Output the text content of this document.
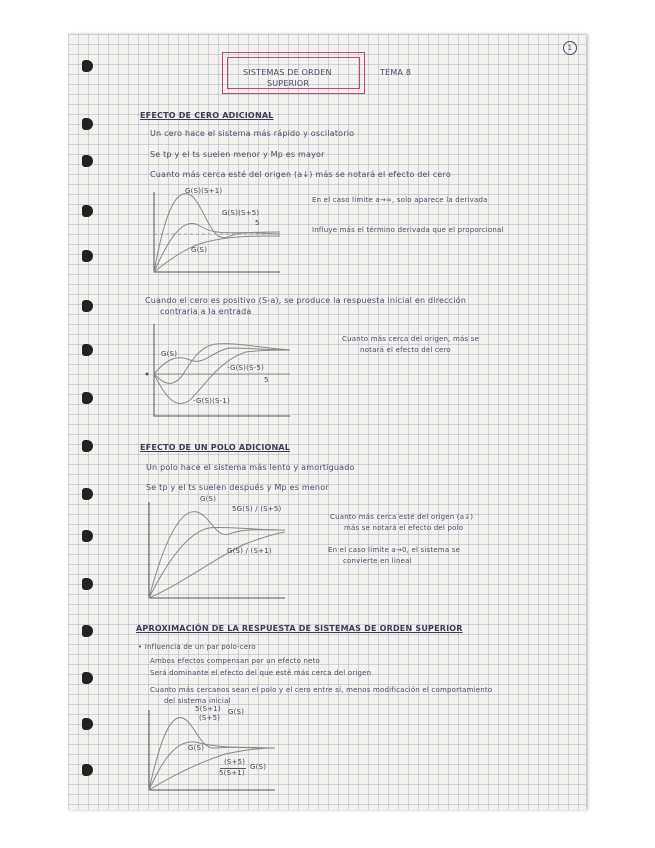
1

SISTEMAS DE ORDEN

SUPERIOR

TEMA 8

EFECTO DE CERO ADICIONAL

Un cero hace el sistema más rápido y oscilatorio

Se tp y el ts suelen menor y Mp es mayor

Cuanto más cerca esté del origen (a↓) más se notará el efecto del cero

G(S)(S+1)

G(S)(S+5)

5

G(S)

En el caso límite a→∞, solo aparece la derivada

Influye más el término derivada que el proporcional

Cuando el cero es positivo (S-a), se produce la respuesta inicial en dirección

contraria a la entrada

G(S)

-G(S)(S-5)

5

-G(S)(S-1)

Cuanto más cerca del origen, más se

notará el efecto del cero

EFECTO DE UN POLO ADICIONAL

Un polo hace el sistema más lento y amortiguado

Se tp y el ts suelen después y Mp es menor

G(S)

5G(S) / (S+5)

G(S) / (S+1)

Cuanto más cerca esté del origen (a↓)

más se notará el efecto del polo

En el caso límite a→0, el sistema se

convierte en lineal

APROXIMACIÓN DE LA RESPUESTA DE SISTEMAS DE ORDEN SUPERIOR

• Influencia de un par polo-cero

Ambos efectos compensan por un efecto neto

Será dominante el efecto del que esté más cerca del origen

Cuanto más cercanos sean el polo y el cero entre sí, menos modificación el comportamiento

del sistema inicial

5(S+1)

(S+5)

G(S)

G(S)

(S+5)

5(S+1)

G(S)
